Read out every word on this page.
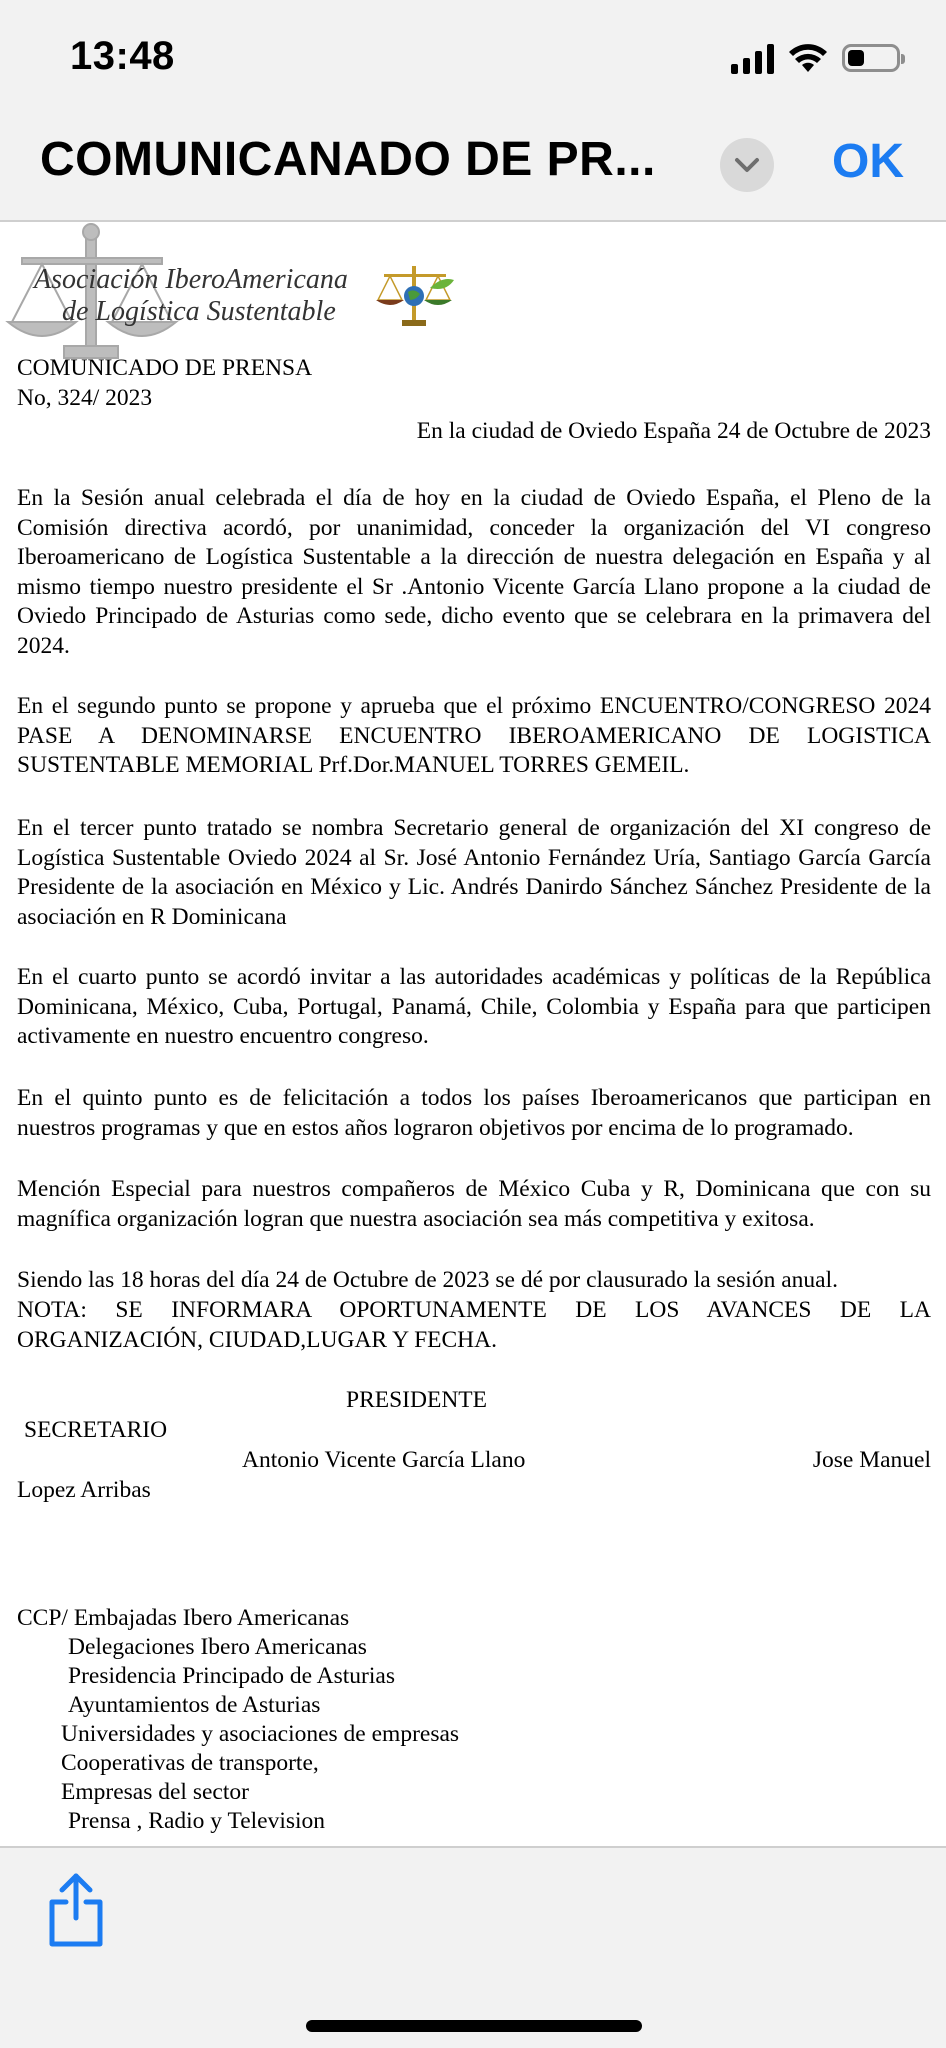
13:48
COMUNICANADO DE PR...	OK
Asociación IberoAmericana
de Logística Sustentable
COMUNICADO DE PRENSA
No, 324/ 2023
En la ciudad de Oviedo España 24 de Octubre de 2023
En la Sesión anual celebrada el día de hoy en la ciudad de Oviedo España, el Pleno de la Comisión directiva acordó, por unanimidad, conceder la organización del VI congreso Iberoamericano de Logística Sustentable a la dirección de nuestra delegación en España y al mismo tiempo nuestro presidente el Sr .Antonio Vicente García Llano propone a la ciudad de Oviedo Principado de Asturias como sede, dicho evento que se celebrara en la primavera del 2024.
En el segundo punto se propone y aprueba que el próximo ENCUENTRO/CONGRESO 2024 PASE A DENOMINARSE ENCUENTRO IBEROAMERICANO DE LOGISTICA SUSTENTABLE MEMORIAL Prf.Dor.MANUEL TORRES GEMEIL.
En el tercer punto tratado se nombra Secretario general de organización del XI congreso de Logística Sustentable Oviedo 2024 al Sr. José Antonio Fernández Uría, Santiago García García Presidente de la asociación en México y Lic. Andrés Danirdo Sánchez Sánchez Presidente de la asociación en R Dominicana
En el cuarto punto se acordó invitar a las autoridades académicas y políticas de la República Dominicana, México, Cuba, Portugal, Panamá, Chile, Colombia y España para que participen activamente en nuestro encuentro congreso.
En el quinto punto es de felicitación a todos los países Iberoamericanos que participan en nuestros programas y que en estos años lograron objetivos por encima de lo programado.
Mención Especial para nuestros compañeros de México Cuba y R, Dominicana que con su magnífica organización logran que nuestra asociación sea más competitiva y exitosa.
Siendo las 18 horas del día 24 de Octubre de 2023 se dé por clausurado la sesión anual.
NOTA: SE INFORMARA OPORTUNAMENTE DE LOS AVANCES DE LA ORGANIZACIÓN, CIUDAD,LUGAR Y FECHA.
PRESIDENTE
SECRETARIO
Antonio Vicente García Llano	Jose Manuel
Lopez Arribas
CCP/ Embajadas Ibero Americanas
Delegaciones Ibero Americanas
Presidencia Principado de Asturias
Ayuntamientos de Asturias
Universidades y asociaciones de empresas
Cooperativas de transporte,
Empresas del sector
Prensa , Radio y Television
